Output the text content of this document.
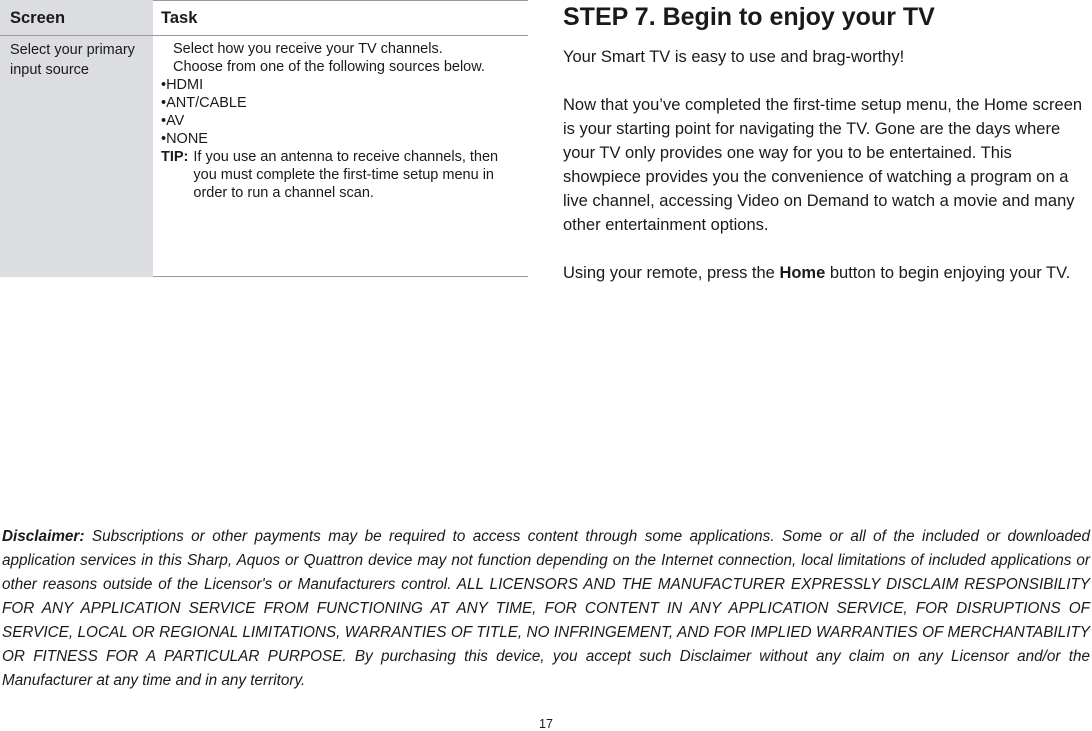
Screen	Task
Select your primary input source
Select how you receive your TV channels.
Choose from one of the following sources below.
• HDMI
• ANT/CABLE
• AV
• NONE
TIP: If you use an antenna to receive channels, then you must complete the first-time setup menu in order to run a channel scan.
STEP 7. Begin to enjoy your TV
Your Smart TV is easy to use and brag-worthy!
Now that you’ve completed the first-time setup menu, the Home screen is your starting point for navigating the TV. Gone are the days where your TV only provides one way for you to be entertained. This showpiece provides you the convenience of watching a program on a live channel, accessing Video on Demand to watch a movie and many other entertainment options.
Using your remote, press the Home button to begin enjoying your TV.
Disclaimer: Subscriptions or other payments may be required to access content through some applications. Some or all of the included or downloaded application services in this Sharp, Aquos or Quattron device may not function depending on the Internet connection, local limitations of included applications or other reasons outside of the Licensor's or Manufacturers control. ALL LICENSORS AND THE MANUFACTURER EXPRESSLY DISCLAIM RESPONSIBILITY FOR ANY APPLICATION SERVICE FROM FUNCTIONING AT ANY TIME, FOR CONTENT IN ANY APPLICATION SERVICE, FOR DISRUPTIONS OF SERVICE, LOCAL OR REGIONAL LIMITATIONS, WARRANTIES OF TITLE, NO INFRINGEMENT, AND FOR IMPLIED WARRANTIES OF MERCHANTABILITY OR FITNESS FOR A PARTICULAR PURPOSE. By purchasing this device, you accept such Disclaimer without any claim on any Licensor and/or the Manufacturer at any time and in any territory.
17
